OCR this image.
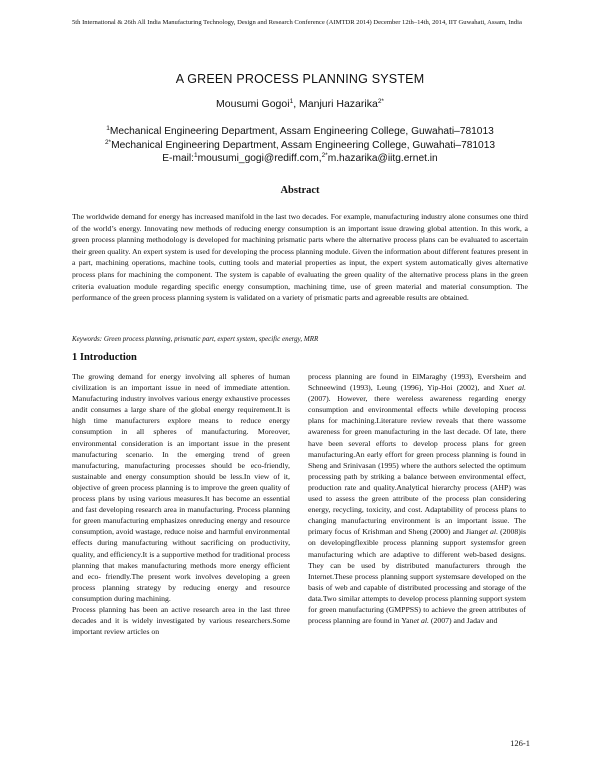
5th International & 26th All India Manufacturing Technology, Design and Research Conference (AIMTDR 2014) December 12th–14th, 2014, IIT Guwahati, Assam, India
A GREEN PROCESS PLANNING SYSTEM
Mousumi Gogoi$^1$, Manjuri Hazarika$^{2*}$
$^1$Mechanical Engineering Department, Assam Engineering College, Guwahati–781013
$^{2*}$Mechanical Engineering Department, Assam Engineering College, Guwahati–781013
E-mail:$^1$mousumi_gogi@rediff.com,$^{2*}$m.hazarika@iitg.ernet.in
Abstract
The worldwide demand for energy has increased manifold in the last two decades. For example, manufacturing industry alone consumes one third of the world’s energy. Innovating new methods of reducing energy consumption is an important issue drawing global attention. In this work, a green process planning methodology is developed for machining prismatic parts where the alternative process plans can be evaluated to ascertain their green quality. An expert system is used for developing the process planning module. Given the information about different features present in a part, machining operations, machine tools, cutting tools and material properties as input, the expert system automatically gives alternative process plans for machining the component. The system is capable of evaluating the green quality of the alternative process plans in the green criteria evaluation module regarding specific energy consumption, machining time, use of green material and material consumption. The performance of the green process planning system is validated on a variety of prismatic parts and agreeable results are obtained.
Keywords: Green process planning, prismatic part, expert system, specific energy, MRR
1 Introduction

The growing demand for energy involving all spheres of human civilization is an important issue in need of immediate attention. Manufacturing industry involves various energy exhaustive processes andit consumes a large share of the global energy requirement.It is high time manufacturers explore means to reduce energy consumption in all spheres of manufacturing. Moreover, environmental consideration is an important issue in the present manufacturing scenario. In the emerging trend of green manufacturing, manufacturing processes should be eco-friendly, sustainable and energy consumption should be less.In view of it, objective of green process planning is to improve the green quality of process plans by using various measures.It has become an essential and fast developing research area in manufacturing. Process planning for green manufacturing emphasizes onreducing energy and resource consumption, avoid wastage, reduce noise and harmful environmental effects during manufacturing without sacrificing on productivity, quality, and efficiency.It is a supportive method for traditional process planning that makes manufacturing methods more energy efficient and eco- friendly.The present work involves developing a green process planning strategy by reducing energy and resource consumption during machining.

Process planning has been an active research area in the last three decades and it is widely investigated by various researchers.Some important review articles on

process planning are found in ElMaraghy (1993), Eversheim and Schneewind (1993), Leung (1996), Yip-Hoi (2002), and Xuet al. (2007). However, there wereless awareness regarding energy consumption and environmental effects while developing process plans for machining.Literature review reveals that there wassome awareness for green manufacturing in the last decade. Of late, there have been several efforts to develop process plans for green manufacturing.An early effort for green process planning is found in Sheng and Srinivasan (1995) where the authors selected the optimum processing path by striking a balance between environmental effect, production rate and quality.Analytical hierarchy process (AHP) was used to assess the green attribute of the process plan considering energy, recycling, toxicity, and cost. Adaptability of process plans to changing manufacturing environment is an important issue. The primary focus of Krishman and Sheng (2000) and Jianget al. (2008)is on developingflexible process planning support systemsfor green manufacturing which are adaptive to different web-based designs. They can be used by distributed manufacturers through the Internet.These process planning support systemsare developed on the basis of web and capable of distributed processing and storage of the data.Two similar attempts to develop process planning support system for green manufacturing (GMPPSS) to achieve the green attributes of process planning are found in Yanet al. (2007) and Jadav and

126-1
